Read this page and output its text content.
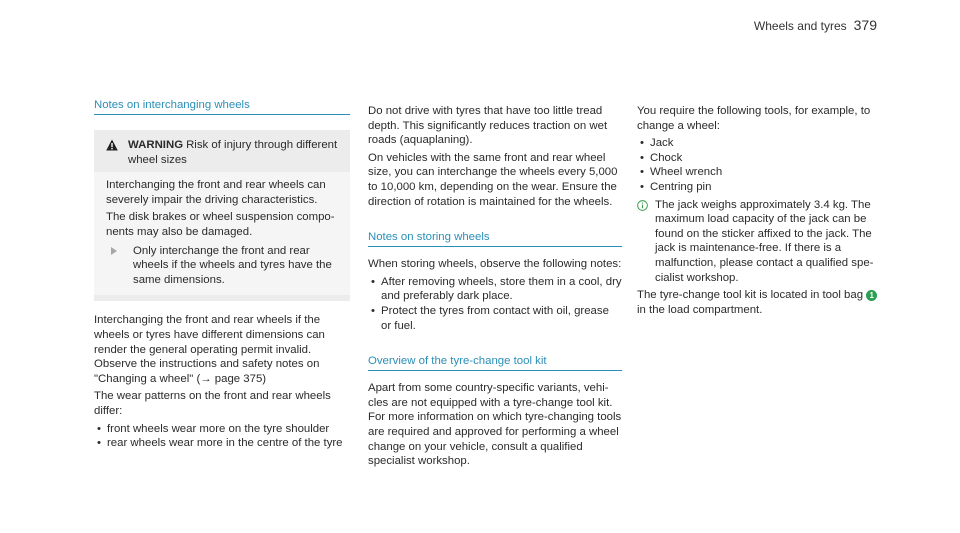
Wheels and tyres 379
Notes on interchanging wheels
WARNING Risk of injury through different wheel sizes

Interchanging the front and rear wheels can severely impair the driving characteristics.

The disk brakes or wheel suspension compo-nents may also be damaged.

Only interchange the front and rear wheels if the wheels and tyres have the same dimensions.

Interchanging the front and rear wheels if the wheels or tyres have different dimensions can render the general operating permit invalid. Observe the instructions and safety notes on "Changing a wheel" (→ page 375)

The wear patterns on the front and rear wheels differ:

• front wheels wear more on the tyre shoulder
• rear wheels wear more in the centre of the tyre

Do not drive with tyres that have too little tread depth. This significantly reduces traction on wet roads (aquaplaning).

On vehicles with the same front and rear wheel size, you can interchange the wheels every 5,000 to 10,000 km, depending on the wear. Ensure the direction of rotation is maintained for the wheels.

Notes on storing wheels

When storing wheels, observe the following notes:

• After removing wheels, store them in a cool, dry and preferably dark place.
• Protect the tyres from contact with oil, grease or fuel.
Overview of the tyre-change tool kit

Apart from some country-specific variants, vehi-cles are not equipped with a tyre-change tool kit. For more information on which tyre-changing tools are required and approved for performing a wheel change on your vehicle, consult a qualified specialist workshop.

You require the following tools, for example, to change a wheel:

• Jack
• Chock
• Wheel wrench
• Centring pin
The jack weighs approximately 3.4 kg. The maximum load capacity of the jack can be found on the sticker affixed to the jack. The jack is maintenance-free. If there is a malfunction, please contact a qualified spe-cialist workshop.

The tyre-change tool kit is located in tool bag 1 in the load compartment.
